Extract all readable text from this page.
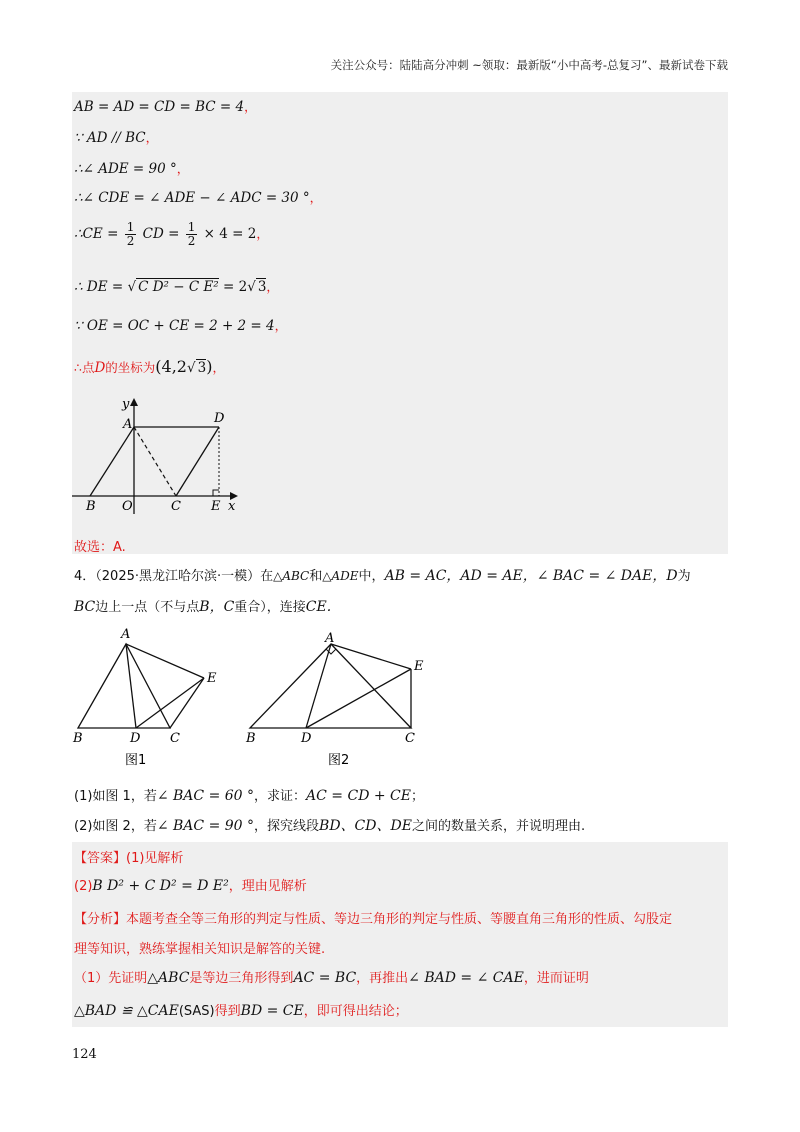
关注公众号：陆陆高分冲刺 ~领取：最新版“小中高考-总复习”、最新试卷下载
AB = AD = CD = BC = 4，
∵ AD // BC，
∴∠ ADE = 90 °，
∴∠ CDE = ∠ ADE − ∠ ADC = 30 °，
∴CE = $\frac{1}{2}$ CD = $\frac{1}{2} \times 4 = 2$，
∴ DE = √ C D² − C E² = 2√ 3，
∵ OE = OC + CE = 2 + 2 = 4，
∴点D的坐标为(4,2√ 3)，
y
A	D
B O	C E x
故选：A.
4．（2025·黑龙江哈尔滨·一模）在△ABC和△ADE中，AB = AC，AD = AE，∠ BAC = ∠ DAE，D为
BC边上一点（不与点B，C重合），连接CE.
A
E
B	D C
图1
A
E
B	D	C
图2
(1)如图 1，若∠ BAC = 60 °，求证：AC = CD + CE；
(2)如图 2，若∠ BAC = 90 °，探究线段BD、CD、DE之间的数量关系，并说明理由.
【答案】(1)见解析
(2)B D² + C D² = D E²，理由见解析
【分析】本题考查全等三角形的判定与性质、等边三角形的判定与性质、等腰直角三角形的性质、勾股定
理等知识，熟练掌握相关知识是解答的关键.
（1）先证明△ABC是等边三角形得到AC = BC，再推出∠ BAD = ∠ CAE，进而证明
△BAD ≌ △CAE(SAS)得到BD = CE，即可得出结论；
124
